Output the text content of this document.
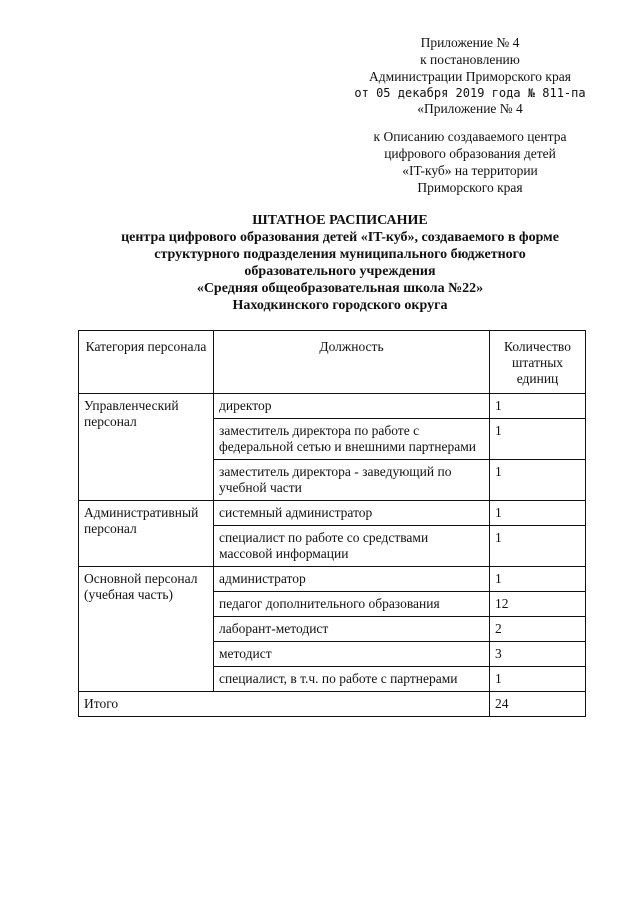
Приложение № 4
к постановлению
Администрации Приморского края
от 05 декабря 2019 года № 811-па
«Приложение № 4
к Описанию создаваемого центра
цифрового образования детей
«IT-куб» на территории
Приморского края
ШТАТНОЕ РАСПИСАНИЕ
центра цифрового образования детей «IT-куб», создаваемого в форме
структурного подразделения муниципального бюджетного
образовательного учреждения
«Средняя общеобразовательная школа №22»
Находкинского городского округа
Категория персонала	Должность	Количество штатных единиц
Управленческий персонал	директор	1
	заместитель директора по работе с федеральной сетью и внешними партнерами	1
	заместитель директора - заведующий по учебной части	1
Административный персонал	системный администратор	1
	специалист по работе со средствами массовой информации	1
Основной персонал (учебная часть)	администратор	1
	педагог дополнительного образования	12
	лаборант-методист	2
	методист	3
	специалист, в т.ч. по работе с партнерами	1
Итого		24
